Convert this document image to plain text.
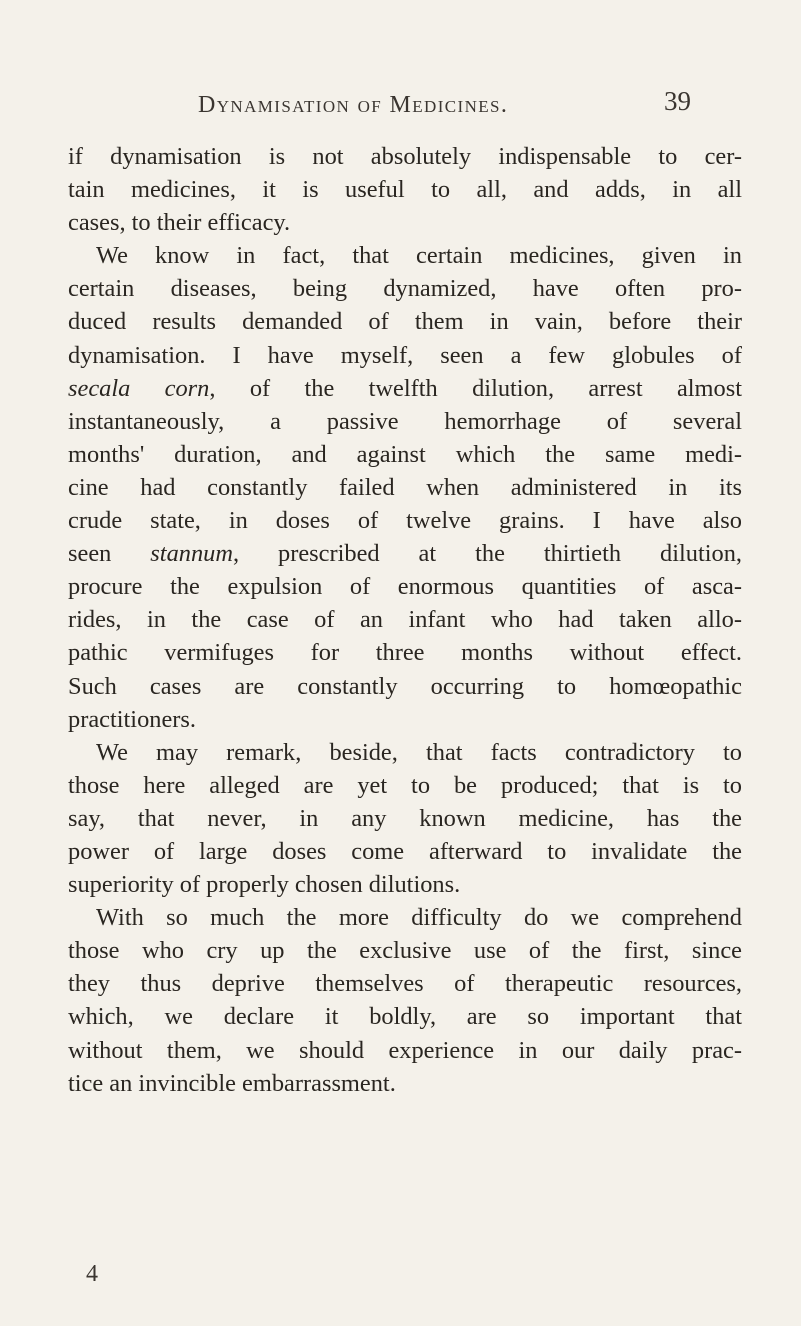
Dynamisation of Medicines.	39
if dynamisation is not absolutely indispensable to cer-
tain medicines, it is useful to all, and adds, in all
cases, to their efficacy.
We know in fact, that certain medicines, given in
certain diseases, being dynamized, have often pro-
duced results demanded of them in vain, before their
dynamisation. I have myself, seen a few globules of
secala corn, of the twelfth dilution, arrest almost
instantaneously, a passive hemorrhage of several
months' duration, and against which the same medi-
cine had constantly failed when administered in its
crude state, in doses of twelve grains. I have also
seen stannum, prescribed at the thirtieth dilution,
procure the expulsion of enormous quantities of asca-
rides, in the case of an infant who had taken allo-
pathic vermifuges for three months without effect.
Such cases are constantly occurring to homœopathic
practitioners.
We may remark, beside, that facts contradictory to
those here alleged are yet to be produced; that is to
say, that never, in any known medicine, has the
power of large doses come afterward to invalidate the
superiority of properly chosen dilutions.
With so much the more difficulty do we comprehend
those who cry up the exclusive use of the first, since
they thus deprive themselves of therapeutic resources,
which, we declare it boldly, are so important that
without them, we should experience in our daily prac-
tice an invincible embarrassment.
4
